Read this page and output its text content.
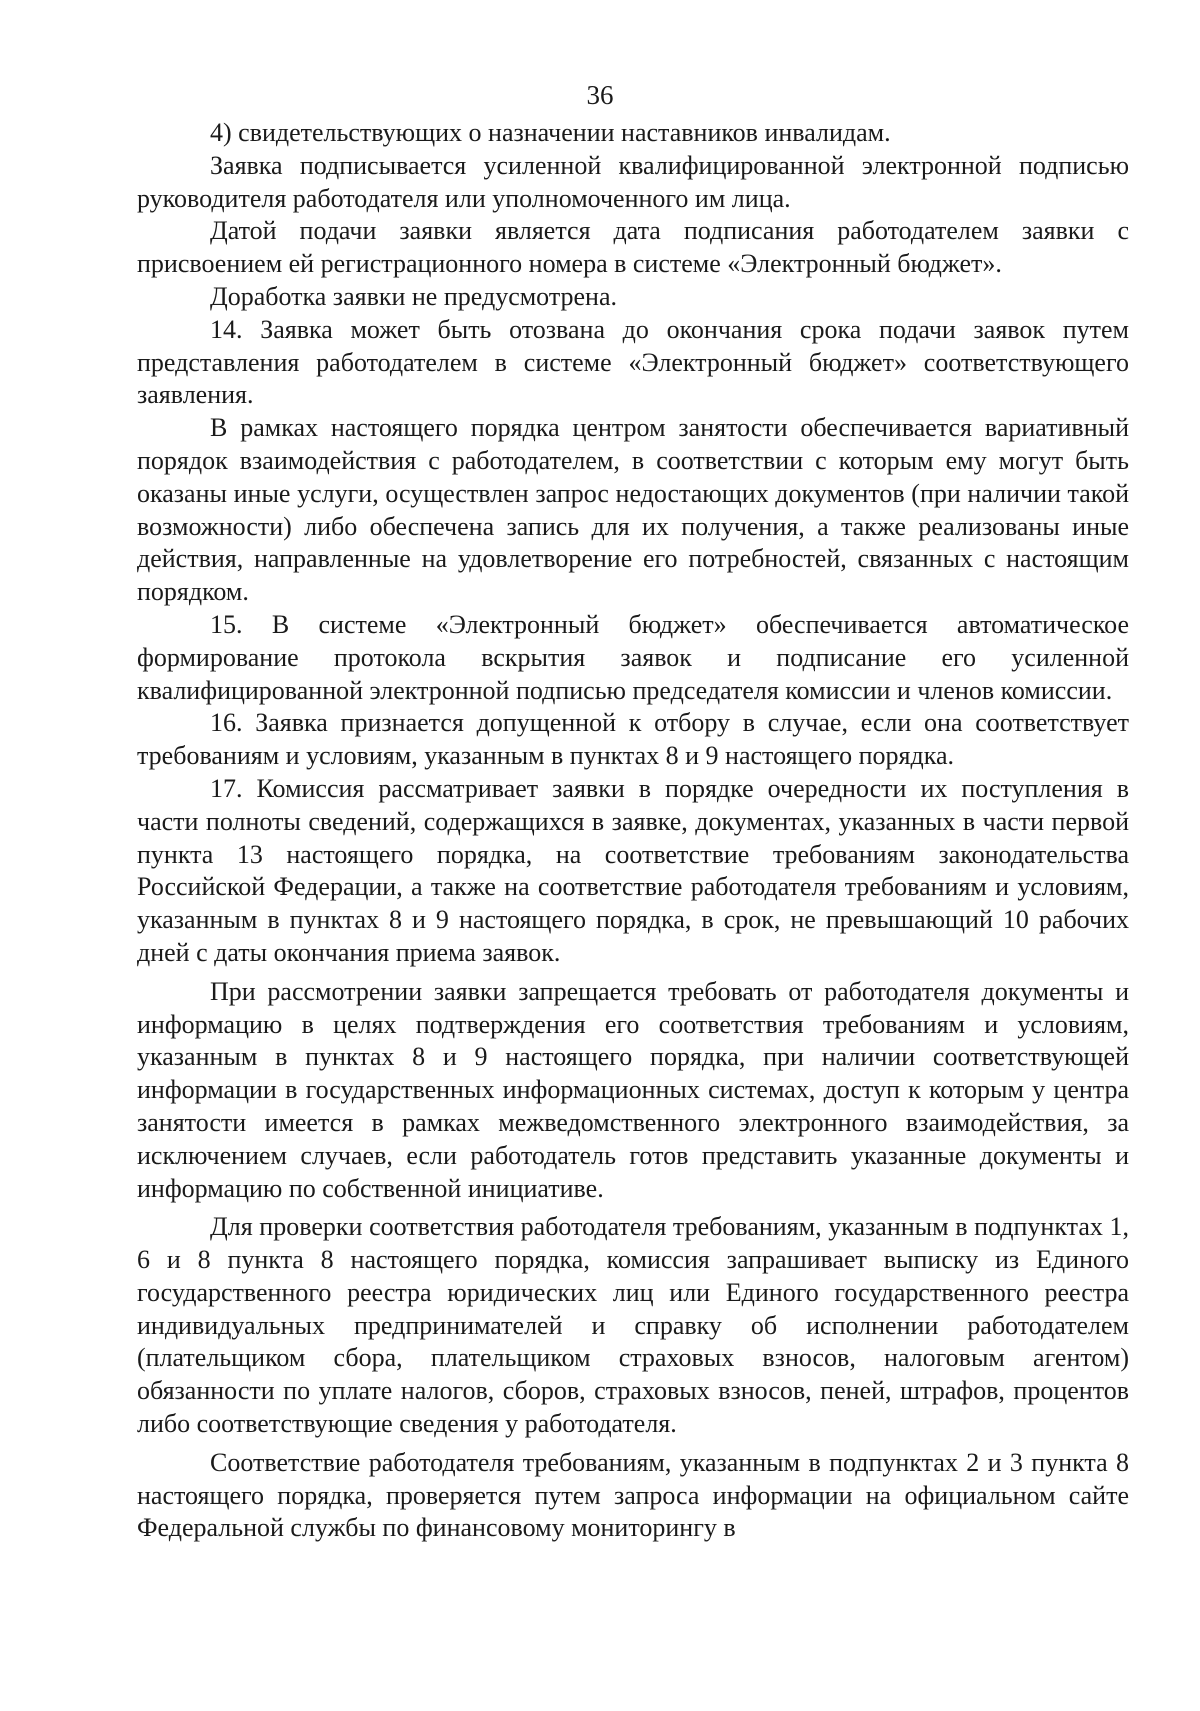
36

4) свидетельствующих о назначении наставников инвалидам.

Заявка подписывается усиленной квалифицированной электронной подписью руководителя работодателя или уполномоченного им лица.

Датой подачи заявки является дата подписания работодателем заявки с присвоением ей регистрационного номера в системе «Электронный бюджет».

Доработка заявки не предусмотрена.

14. Заявка может быть отозвана до окончания срока подачи заявок путем представления работодателем в системе «Электронный бюджет» соответствующего заявления.

В рамках настоящего порядка центром занятости обеспечивается вариативный порядок взаимодействия с работодателем, в соответствии с которым ему могут быть оказаны иные услуги, осуществлен запрос недостающих документов (при наличии такой возможности) либо обеспечена запись для их получения, а также реализованы иные действия, направленные на удовлетворение его потребностей, связанных с настоящим порядком.

15. В системе «Электронный бюджет» обеспечивается автоматическое формирование протокола вскрытия заявок и подписание его усиленной квалифицированной электронной подписью председателя комиссии и членов комиссии.

16. Заявка признается допущенной к отбору в случае, если она соответствует требованиям и условиям, указанным в пунктах 8 и 9 настоящего порядка.

17. Комиссия рассматривает заявки в порядке очередности их поступления в части полноты сведений, содержащихся в заявке, документах, указанных в части первой пункта 13 настоящего порядка, на соответствие требованиям законодательства Российской Федерации, а также на соответствие работодателя требованиям и условиям, указанным в пунктах 8 и 9 настоящего порядка, в срок, не превышающий 10 рабочих дней с даты окончания приема заявок.

При рассмотрении заявки запрещается требовать от работодателя документы и информацию в целях подтверждения его соответствия требованиям и условиям, указанным в пунктах 8 и 9 настоящего порядка, при наличии соответствующей информации в государственных информационных системах, доступ к которым у центра занятости имеется в рамках межведомственного электронного взаимодействия, за исключением случаев, если работодатель готов представить указанные документы и информацию по собственной инициативе.

Для проверки соответствия работодателя требованиям, указанным в подпунктах 1, 6 и 8 пункта 8 настоящего порядка, комиссия запрашивает выписку из Единого государственного реестра юридических лиц или Единого государственного реестра индивидуальных предпринимателей и справку об исполнении работодателем (плательщиком сбора, плательщиком страховых взносов, налоговым агентом) обязанности по уплате налогов, сборов, страховых взносов, пеней, штрафов, процентов либо соответствующие сведения у работодателя.

Соответствие работодателя требованиям, указанным в подпунктах 2 и 3 пункта 8 настоящего порядка, проверяется путем запроса информации на официальном сайте Федеральной службы по финансовому мониторингу в
